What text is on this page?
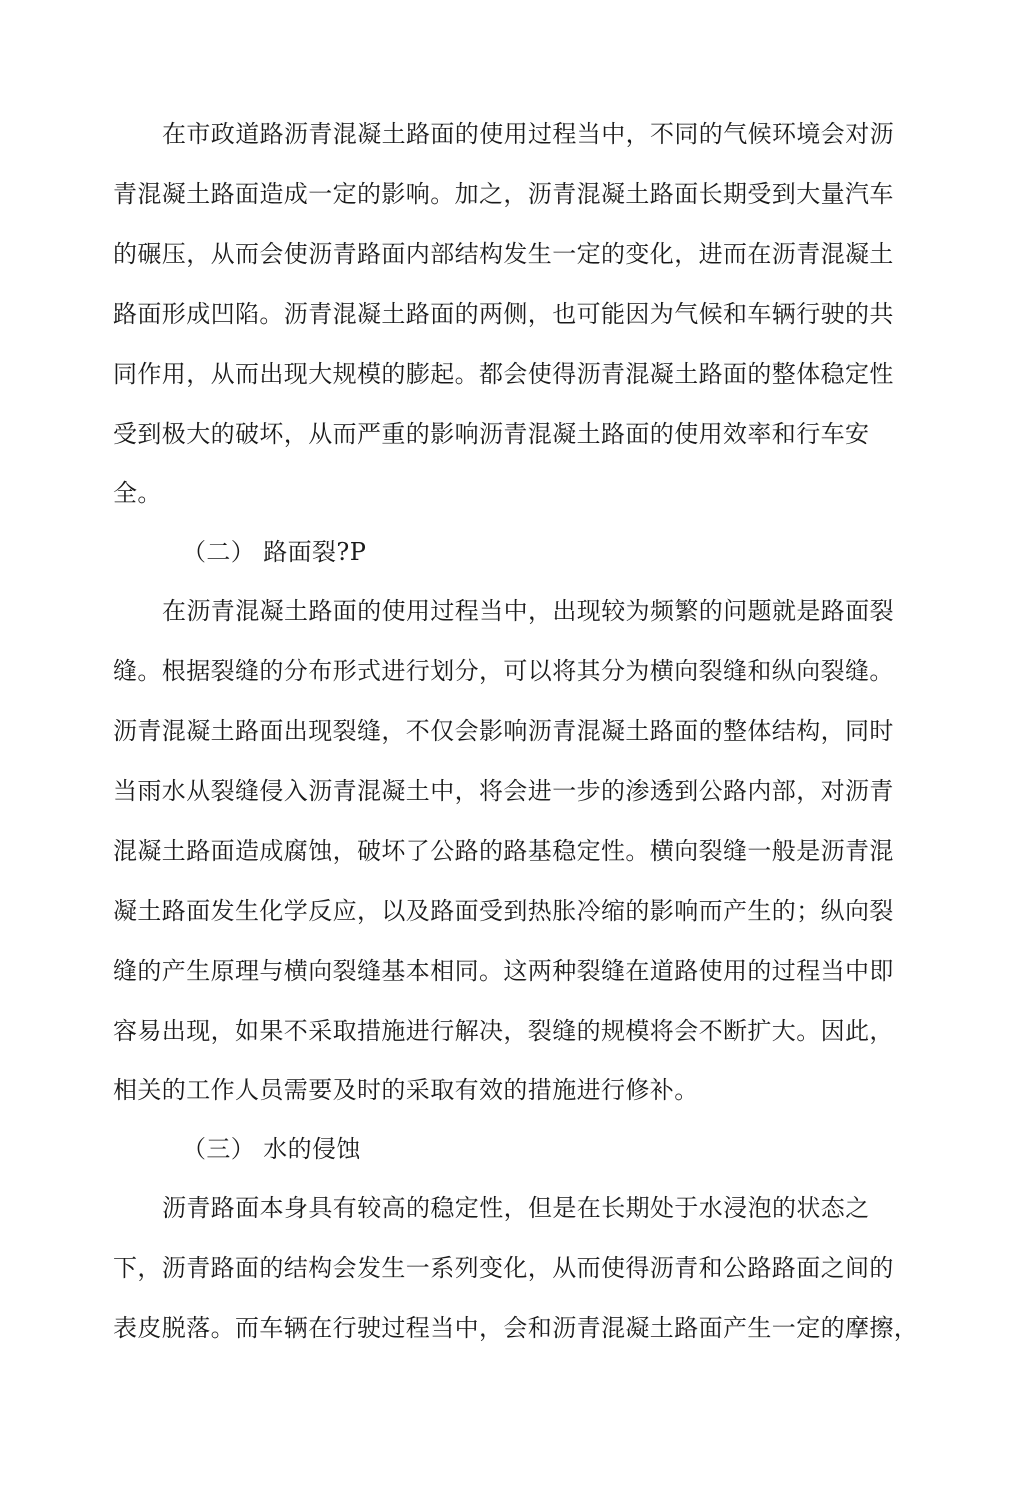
在市政道路沥青混凝土路面的使用过程当中，不同的气候环境会对沥
青混凝土路面造成一定的影响。加之，沥青混凝土路面长期受到大量汽车
的碾压，从而会使沥青路面内部结构发生一定的变化，进而在沥青混凝土
路面形成凹陷。沥青混凝土路面的两侧，也可能因为气候和车辆行驶的共
同作用，从而出现大规模的膨起。都会使得沥青混凝土路面的整体稳定性
受到极大的破坏，从而严重的影响沥青混凝土路面的使用效率和行车安
全。
（二） 路面裂?P
在沥青混凝土路面的使用过程当中，出现较为频繁的问题就是路面裂
缝。根据裂缝的分布形式进行划分，可以将其分为横向裂缝和纵向裂缝。
沥青混凝土路面出现裂缝，不仅会影响沥青混凝土路面的整体结构，同时
当雨水从裂缝侵入沥青混凝土中，将会进一步的渗透到公路内部，对沥青
混凝土路面造成腐蚀，破坏了公路的路基稳定性。横向裂缝一般是沥青混
凝土路面发生化学反应，以及路面受到热胀冷缩的影响而产生的；纵向裂
缝的产生原理与横向裂缝基本相同。这两种裂缝在道路使用的过程当中即
容易出现，如果不采取措施进行解决，裂缝的规模将会不断扩大。因此，
相关的工作人员需要及时的采取有效的措施进行修补。
（三） 水的侵蚀
沥青路面本身具有较高的稳定性，但是在长期处于水浸泡的状态之
下，沥青路面的结构会发生一系列变化，从而使得沥青和公路路面之间的
表皮脱落。而车辆在行驶过程当中，会和沥青混凝土路面产生一定的摩擦，
